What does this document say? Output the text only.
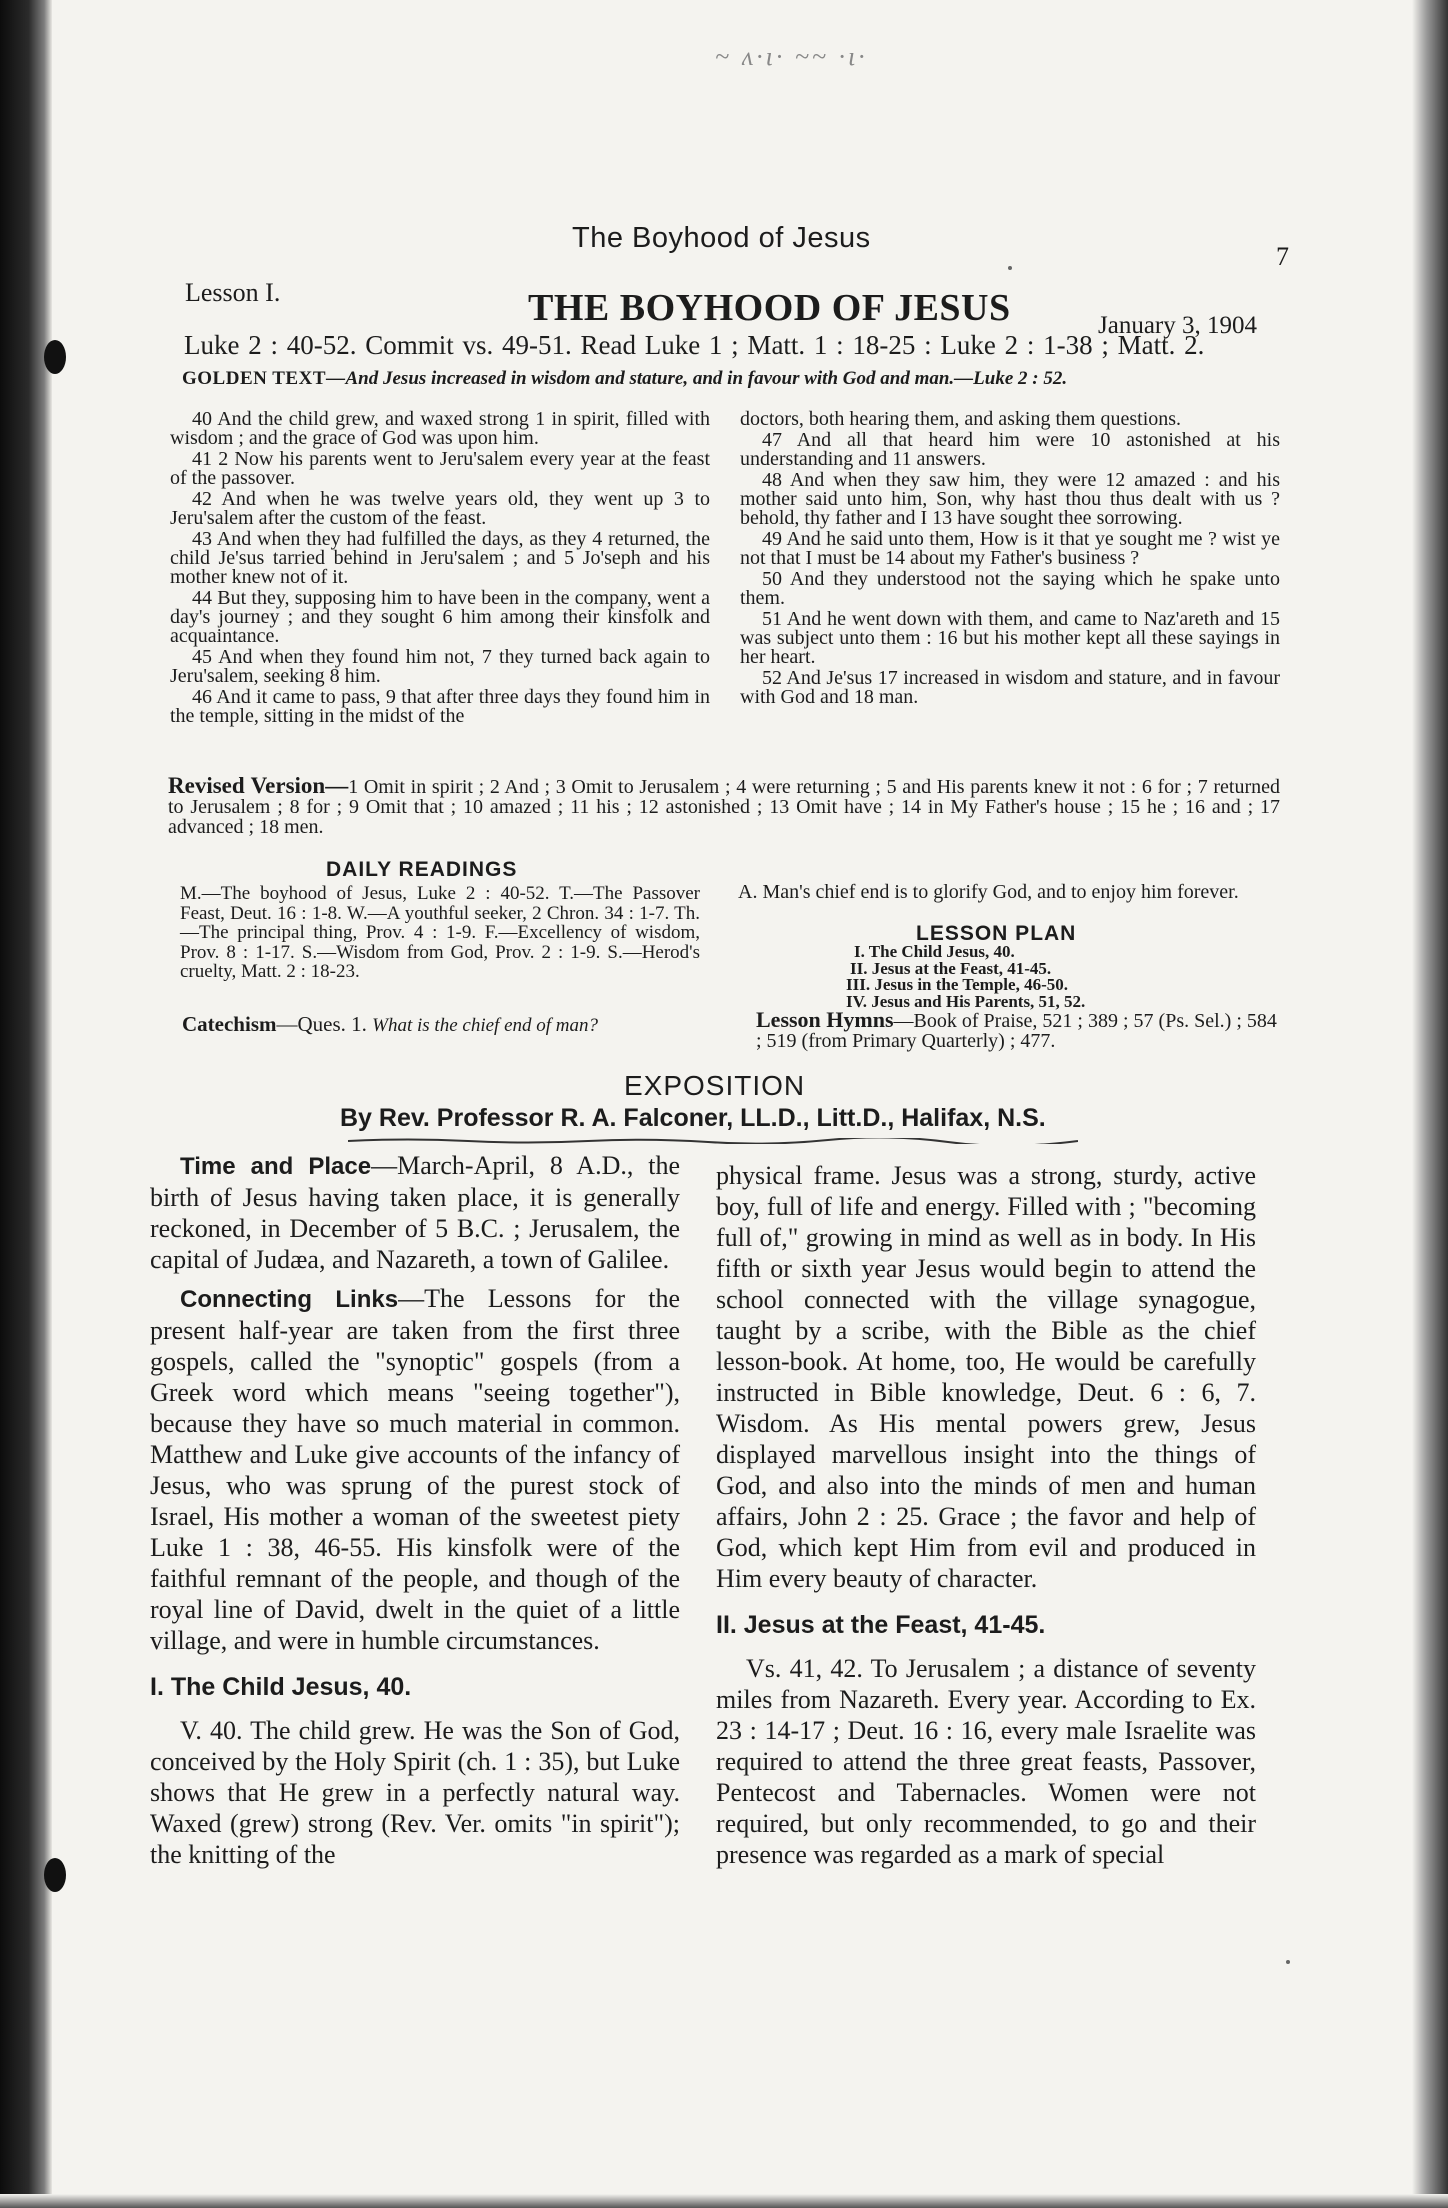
~ ʌ·ι· ~~ ·ι·
The Boyhood of Jesus
7
Lesson I.	THE BOYHOOD OF JESUS	January 3, 1904
Luke 2 : 40-52. Commit vs. 49-51. Read Luke 1 ; Matt. 1 : 18-25 : Luke 2 : 1-38 ; Matt. 2.
GOLDEN TEXT—And Jesus increased in wisdom and stature, and in favour with God and man.—Luke 2 : 52.

40 And the child grew, and waxed strong 1 in spirit, filled with wisdom ; and the grace of God was upon him.

41 2 Now his parents went to Jeru'salem every year at the feast of the passover.

42 And when he was twelve years old, they went up 3 to Jeru'salem after the custom of the feast.

43 And when they had fulfilled the days, as they 4 returned, the child Je'sus tarried behind in Jeru'salem ; and 5 Jo'seph and his mother knew not of it.

44 But they, supposing him to have been in the company, went a day's journey ; and they sought 6 him among their kinsfolk and acquaintance.

45 And when they found him not, 7 they turned back again to Jeru'salem, seeking 8 him.

46 And it came to pass, 9 that after three days they found him in the temple, sitting in the midst of the

doctors, both hearing them, and asking them questions.

47 And all that heard him were 10 astonished at his understanding and 11 answers.

48 And when they saw him, they were 12 amazed : and his mother said unto him, Son, why hast thou thus dealt with us ? behold, thy father and I 13 have sought thee sorrowing.

49 And he said unto them, How is it that ye sought me ? wist ye not that I must be 14 about my Father's business ?

50 And they understood not the saying which he spake unto them.

51 And he went down with them, and came to Naz'areth and 15 was subject unto them : 16 but his mother kept all these sayings in her heart.

52 And Je'sus 17 increased in wisdom and stature, and in favour with God and 18 man.

Revised Version—1 Omit in spirit ; 2 And ; 3 Omit to Jerusalem ; 4 were returning ; 5 and His parents knew it not : 6 for ; 7 returned to Jerusalem ; 8 for ; 9 Omit that ; 10 amazed ; 11 his ; 12 astonished ; 13 Omit have ; 14 in My Father's house ; 15 he ; 16 and ; 17 advanced ; 18 men.
DAILY READINGS
M.—The boyhood of Jesus, Luke 2 : 40-52. T.—The Passover Feast, Deut. 16 : 1-8. W.—A youthful seeker, 2 Chron. 34 : 1-7. Th.—The principal thing, Prov. 4 : 1-9. F.—Excellency of wisdom, Prov. 8 : 1-17. S.—Wisdom from God, Prov. 2 : 1-9. S.—Herod's cruelty, Matt. 2 : 18-23.
Catechism—Ques. 1. What is the chief end of man?
A. Man's chief end is to glorify God, and to enjoy him forever.
LESSON PLAN
I. The Child Jesus, 40.
II. Jesus at the Feast, 41-45.
III. Jesus in the Temple, 46-50.
IV. Jesus and His Parents, 51, 52.
Lesson Hymns—Book of Praise, 521 ; 389 ; 57 (Ps. Sel.) ; 584 ; 519 (from Primary Quarterly) ; 477.
EXPOSITION
By Rev. Professor R. A. Falconer, LL.D., Litt.D., Halifax, N.S.

Time and Place—March-April, 8 A.D., the birth of Jesus having taken place, it is generally reckoned, in December of 5 B.C. ; Jerusalem, the capital of Judæa, and Nazareth, a town of Galilee.

Connecting Links—The Lessons for the present half-year are taken from the first three gospels, called the "synoptic" gospels (from a Greek word which means "seeing together"), because they have so much material in common. Matthew and Luke give accounts of the infancy of Jesus, who was sprung of the purest stock of Israel, His mother a woman of the sweetest piety Luke 1 : 38, 46-55. His kinsfolk were of the faithful remnant of the people, and though of the royal line of David, dwelt in the quiet of a little village, and were in humble circumstances.

I. The Child Jesus, 40.

V. 40. The child grew. He was the Son of God, conceived by the Holy Spirit (ch. 1 : 35), but Luke shows that He grew in a perfectly natural way. Waxed (grew) strong (Rev. Ver. omits "in spirit"); the knitting of the

physical frame. Jesus was a strong, sturdy, active boy, full of life and energy. Filled with ; "becoming full of," growing in mind as well as in body. In His fifth or sixth year Jesus would begin to attend the school connected with the village synagogue, taught by a scribe, with the Bible as the chief lesson-book. At home, too, He would be carefully instructed in Bible knowledge, Deut. 6 : 6, 7. Wisdom. As His mental powers grew, Jesus displayed marvellous insight into the things of God, and also into the minds of men and human affairs, John 2 : 25. Grace ; the favor and help of God, which kept Him from evil and produced in Him every beauty of character.

II. Jesus at the Feast, 41-45.

Vs. 41, 42. To Jerusalem ; a distance of seventy miles from Nazareth. Every year. According to Ex. 23 : 14-17 ; Deut. 16 : 16, every male Israelite was required to attend the three great feasts, Passover, Pentecost and Tabernacles. Women were not required, but only recommended, to go and their presence was regarded as a mark of special
